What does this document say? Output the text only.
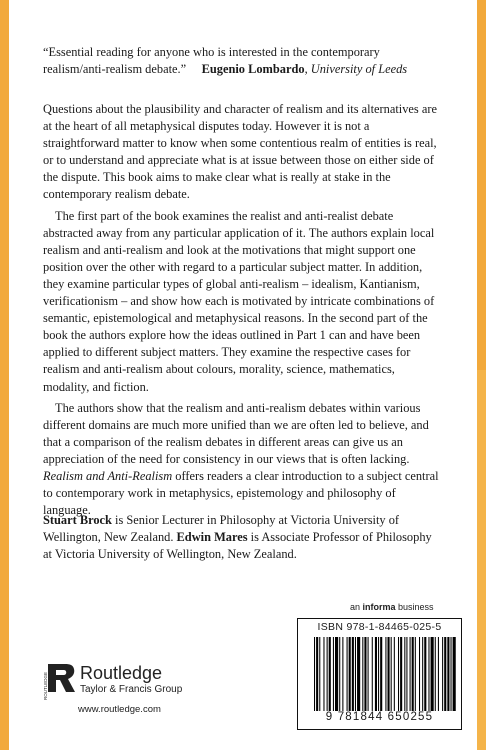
“Essential reading for anyone who is interested in the contemporary realism/anti-realism debate.” Eugenio Lombardo, University of Leeds

Questions about the plausibility and character of realism and its alternatives are at the heart of all metaphysical disputes today. However it is not a straightforward matter to know when some contentious realm of entities is real, or to understand and appreciate what is at issue between those on either side of the dispute. This book aims to make clear what is really at stake in the contemporary realism debate.

The first part of the book examines the realist and anti-realist debate abstracted away from any particular application of it. The authors explain local realism and anti-realism and look at the motivations that might support one position over the other with regard to a particular subject matter. In addition, they examine particular types of global anti-realism – idealism, Kantianism, verificationism – and show how each is motivated by intricate combinations of semantic, epistemological and metaphysical reasons. In the second part of the book the authors explore how the ideas outlined in Part 1 can and have been applied to different subject matters. They examine the respective cases for realism and anti-realism about colours, morality, science, mathematics, modality, and fiction.

The authors show that the realism and anti-realism debates within various different domains are much more unified than we are often led to believe, and that a comparison of the realism debates in different areas can give us an appreciation of the need for consistency in our views that is often lacking. Realism and Anti-Realism offers readers a clear introduction to a subject central to contemporary work in metaphysics, epistemology and philosophy of language.

Stuart Brock is Senior Lecturer in Philosophy at Victoria University of Wellington, New Zealand. Edwin Mares is Associate Professor of Philosophy at Victoria University of Wellington, New Zealand.
an informa business
ISBN 978-1-84465-025-5
9 781844 650255
ROUTLEDGE Routledge
Taylor & Francis Group
www.routledge.com
